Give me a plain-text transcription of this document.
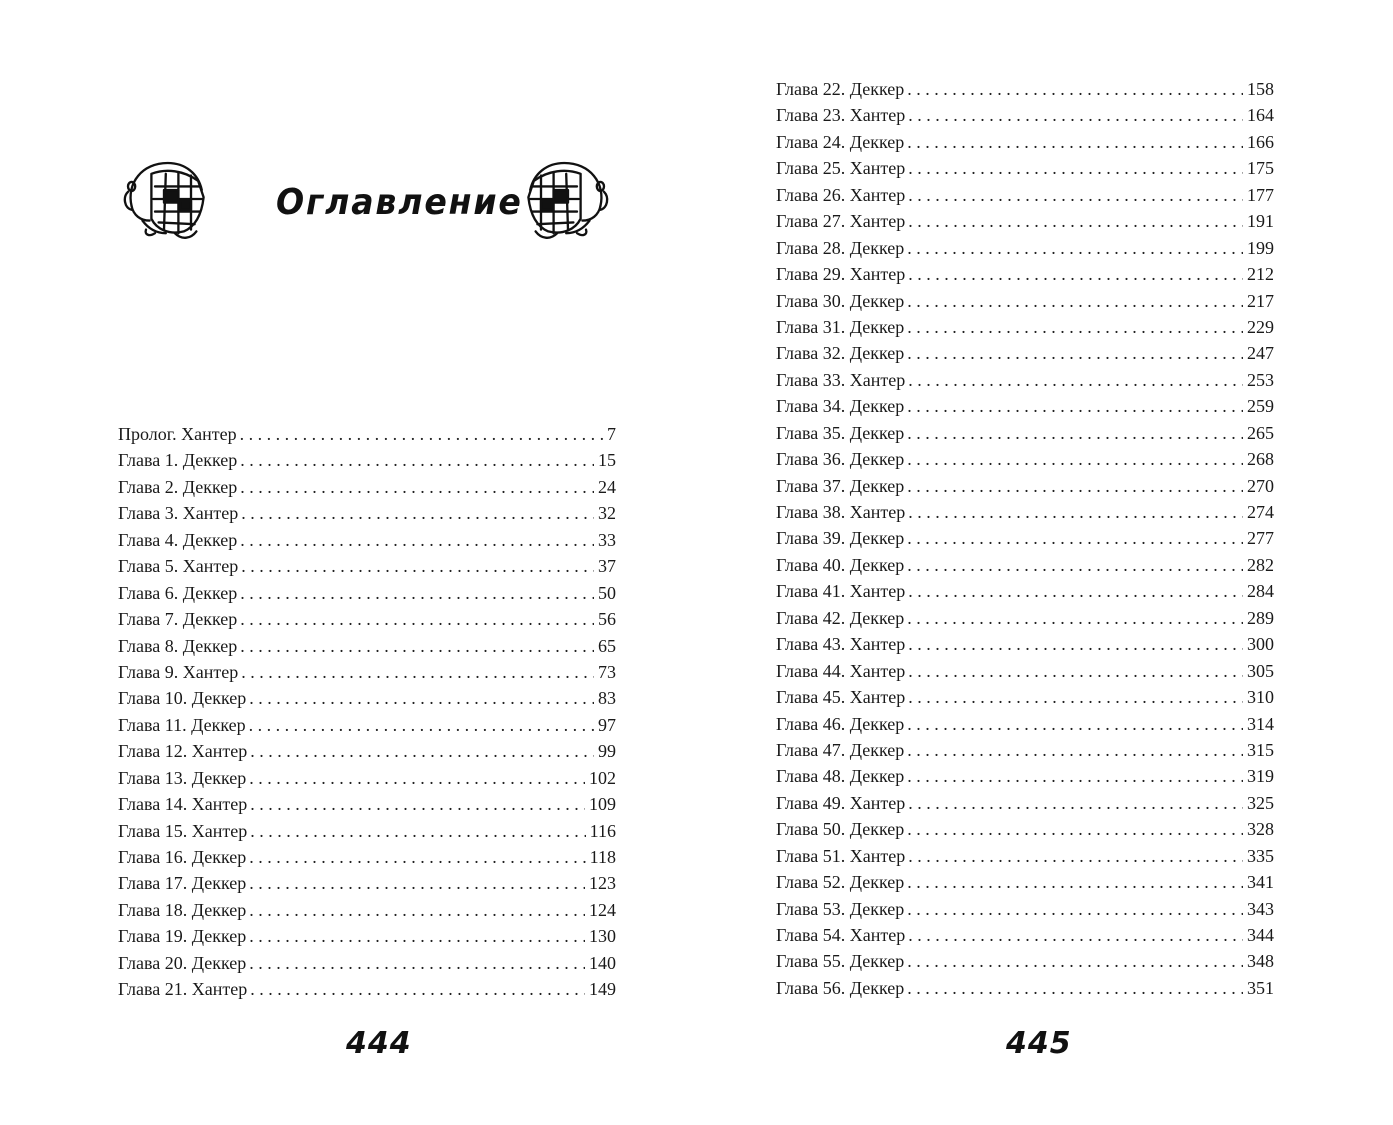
Оглавление
Пролог. Хантер . . .	7
Глава 1. Деккер . . .	15
Глава 2. Деккер . . .	24
Глава 3. Хантер . . .	32
Глава 4. Деккер . . .	33
Глава 5. Хантер . . .	37
Глава 6. Деккер . . .	50
Глава 7. Деккер . . .	56
Глава 8. Деккер . . .	65
Глава 9. Хантер . . .	73
Глава 10. Деккер . . .	83
Глава 11. Деккер . . .	97
Глава 12. Хантер . . .	99
Глава 13. Деккер . . .	102
Глава 14. Хантер . . .	109
Глава 15. Хантер . . .	116
Глава 16. Деккер . . .	118
Глава 17. Деккер . . .	123
Глава 18. Деккер . . .	124
Глава 19. Деккер . . .	130
Глава 20. Деккер . . .	140
Глава 21. Хантер . . .	149
444
Глава 22. Деккер . . .	158
Глава 23. Хантер . . .	164
Глава 24. Деккер . . .	166
Глава 25. Хантер . . .	175
Глава 26. Хантер . . .	177
Глава 27. Хантер . . .	191
Глава 28. Деккер . . .	199
Глава 29. Хантер . . .	212
Глава 30. Деккер . . .	217
Глава 31. Деккер . . .	229
Глава 32. Деккер . . .	247
Глава 33. Хантер . . .	253
Глава 34. Деккер . . .	259
Глава 35. Деккер . . .	265
Глава 36. Деккер . . .	268
Глава 37. Деккер . . .	270
Глава 38. Хантер . . .	274
Глава 39. Деккер . . .	277
Глава 40. Деккер . . .	282
Глава 41. Хантер . . .	284
Глава 42. Деккер . . .	289
Глава 43. Хантер . . .	300
Глава 44. Хантер . . .	305
Глава 45. Хантер . . .	310
Глава 46. Деккер . . .	314
Глава 47. Деккер . . .	315
Глава 48. Деккер . . .	319
Глава 49. Хантер . . .	325
Глава 50. Деккер . . .	328
Глава 51. Хантер . . .	335
Глава 52. Деккер . . .	341
Глава 53. Деккер . . .	343
Глава 54. Хантер . . .	344
Глава 55. Деккер . . .	348
Глава 56. Деккер . . .	351
445
